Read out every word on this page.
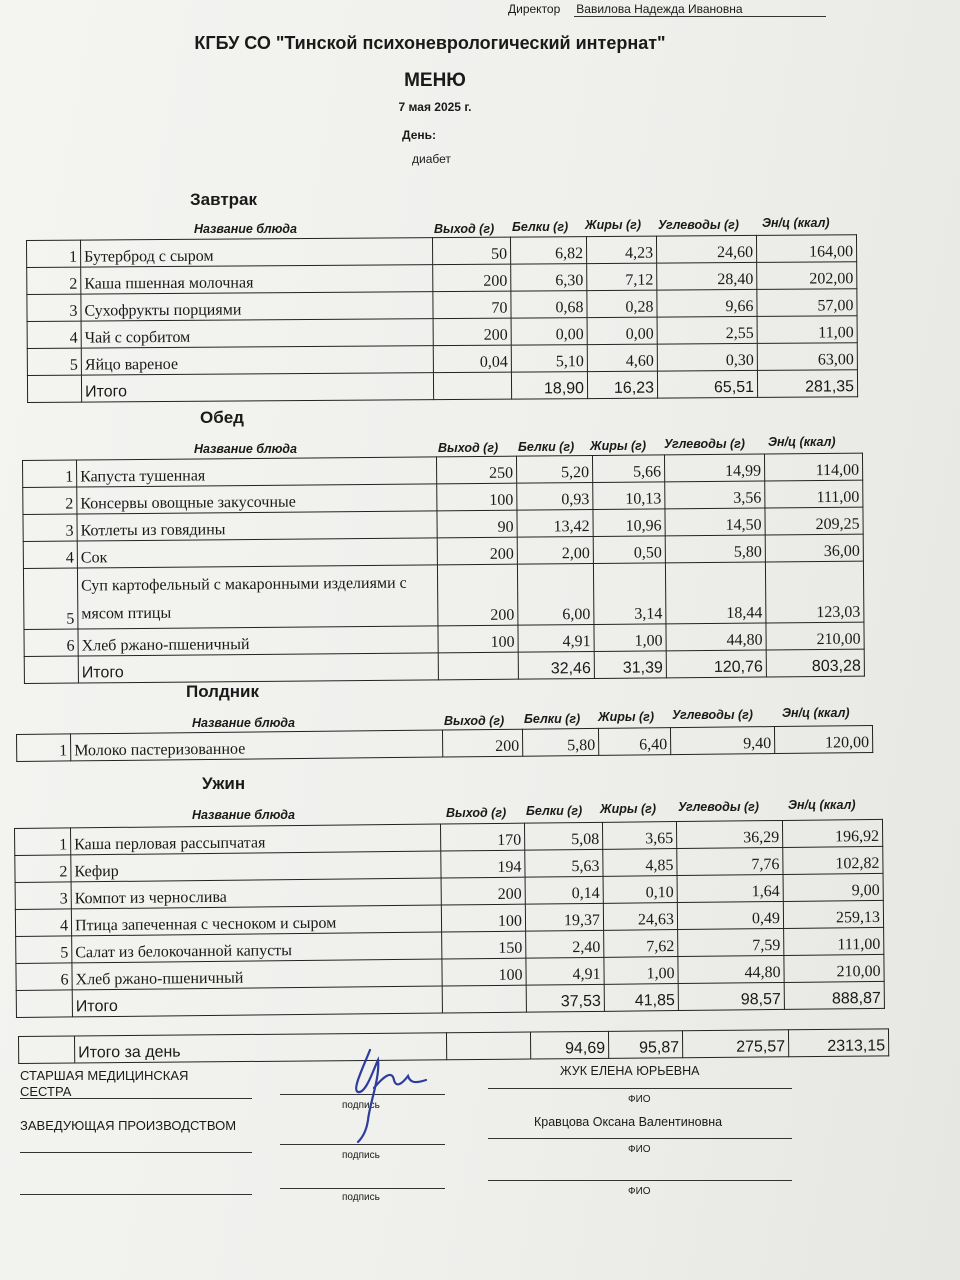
Директор Вавилова Надежда Ивановна
КГБУ СО "Тинской психоневрологический интернат"
МЕНЮ
7 мая 2025 г.
День:
диабет
Завтрак
Название блюда	Выход (г) Белки (г) Жиры (г) Углеводы (г) Эн/ц (ккал)
1	Бутерброд с сыром	50	6,82	4,23	24,60	164,00
2	Каша пшенная молочная	200	6,30	7,12	28,40	202,00
3	Сухофрукты порциями	70	0,68	0,28	9,66	57,00
4	Чай с сорбитом	200	0,00	0,00	2,55	11,00
5	Яйцо вареное	0,04	5,10	4,60	0,30	63,00
	Итого		18,90	16,23	65,51	281,35
Обед
Название блюда	Выход (г) Белки (г) Жиры (г) Углеводы (г) Эн/ц (ккал)
1	Капуста тушенная	250	5,20	5,66	14,99	114,00
2	Консервы овощные закусочные	100	0,93	10,13	3,56	111,00
3	Котлеты из говядины	90	13,42	10,96	14,50	209,25
4	Сок	200	2,00	0,50	5,80	36,00
5	Суп картофельный с макаронными изделиями с мясом птицы	200	6,00	3,14	18,44	123,03
6	Хлеб ржано-пшеничный	100	4,91	1,00	44,80	210,00
	Итого		32,46	31,39	120,76	803,28
Полдник
Название блюда	Выход (г) Белки (г) Жиры (г) Углеводы (г) Эн/ц (ккал)
1	Молоко пастеризованное	200	5,80	6,40	9,40	120,00
Ужин
Название блюда	Выход (г) Белки (г) Жиры (г) Углеводы (г) Эн/ц (ккал)
1	Каша перловая рассыпчатая	170	5,08	3,65	36,29	196,92
2	Кефир	194	5,63	4,85	7,76	102,82
3	Компот из чернослива	200	0,14	0,10	1,64	9,00
4	Птица запеченная с чесноком и сыром	100	19,37	24,63	0,49	259,13
5	Салат из белокочанной капусты	150	2,40	7,62	7,59	111,00
6	Хлеб ржано-пшеничный	100	4,91	1,00	44,80	210,00
	Итого		37,53	41,85	98,57	888,87
	Итого за день		94,69	95,87	275,57	2313,15
СТАРШАЯ МЕДИЦИНСКАЯ СЕСТРА
подпись
ЖУК ЕЛЕНА ЮРЬЕВНА
ФИО
ЗАВЕДУЮЩАЯ ПРОИЗВОДСТВОМ
подпись
Кравцова Оксана Валентиновна
ФИО
подпись
ФИО
